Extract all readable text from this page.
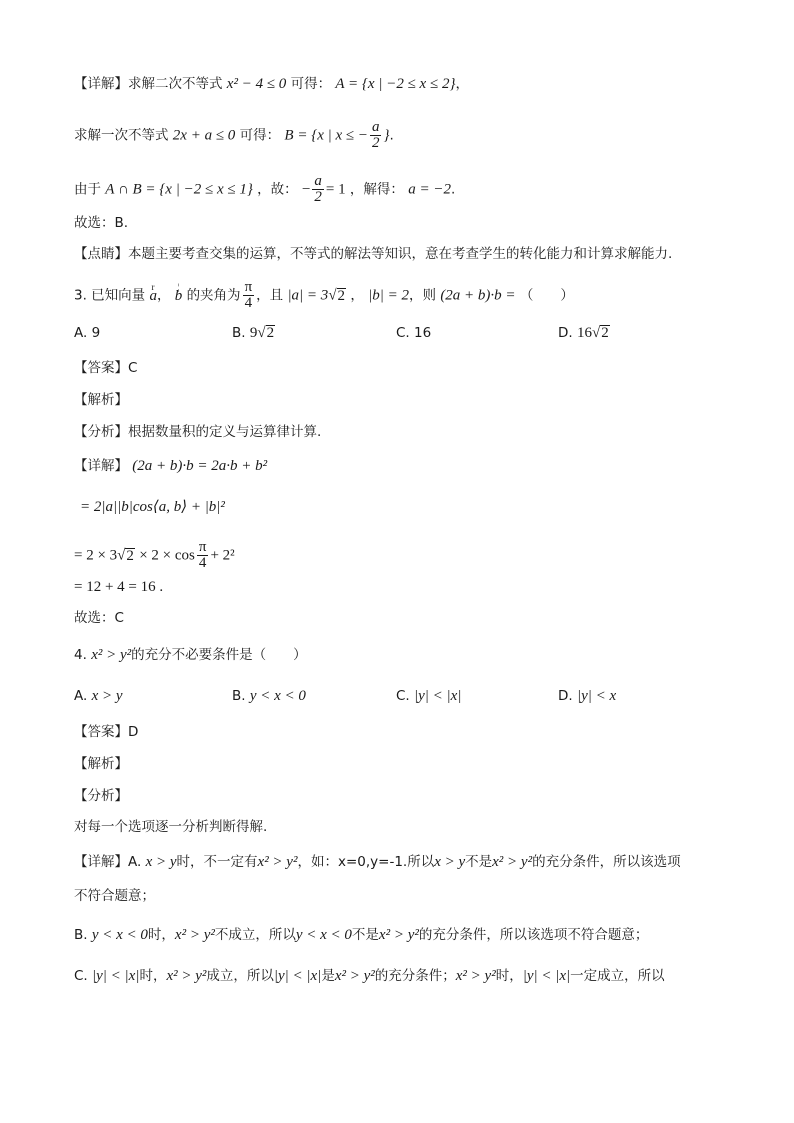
【详解】求解二次不等式 x² − 4 ≤ 0 可得： A = {x | −2 ≤ x ≤ 2}，
求解一次不等式 2x + a ≤ 0 可得： B = {x | x ≤ − $\frac{a}{2}$ }.
由于 A ∩ B = {x | −2 ≤ x ≤ 1} ，故： − $\frac{a}{2} = 1$ ，解得： a = −2.
故选：B.
【点睛】本题主要考查交集的运算，不等式的解法等知识，意在考查学生的转化能力和计算求解能力.
3. 已知向量 r a， ¦ b 的夹角为 $\frac{\pi}{4}$ ，且 |a| = 3√2 ， |b| = 2，则 (2a + b)·b = （　　）
A. 9	B. 9√2	C. 16	D. 16√2
【答案】C
【解析】
【分析】根据数量积的定义与运算律计算.
【详解】 (2a + b)·b = 2a·b + b²
= 2|a||b|cos⟨a, b⟩ + |b|²
= $2 \times 3√2 \times 2 \times \cos \frac{\pi}{4} + 2^2$
= 12 + 4 = 16 .
故选：C
4. x² > y²的充分不必要条件是（　　）
A. x > y	B. y < x < 0	C. |y| < |x|	D. |y| < x
【答案】D
【解析】
【分析】
对每一个选项逐一分析判断得解.
【详解】A. x > y时，不一定有x² > y²，如：x=0,y=-1.所以x > y不是x² > y²的充分条件，所以该选项
不符合题意；
B. y < x < 0时，x² > y²不成立，所以y < x < 0不是x² > y²的充分条件，所以该选项不符合题意；
C. |y| < |x|时，x² > y²成立，所以|y| < |x|是x² > y²的充分条件；x² > y²时，|y| < |x|一定成立，所以
